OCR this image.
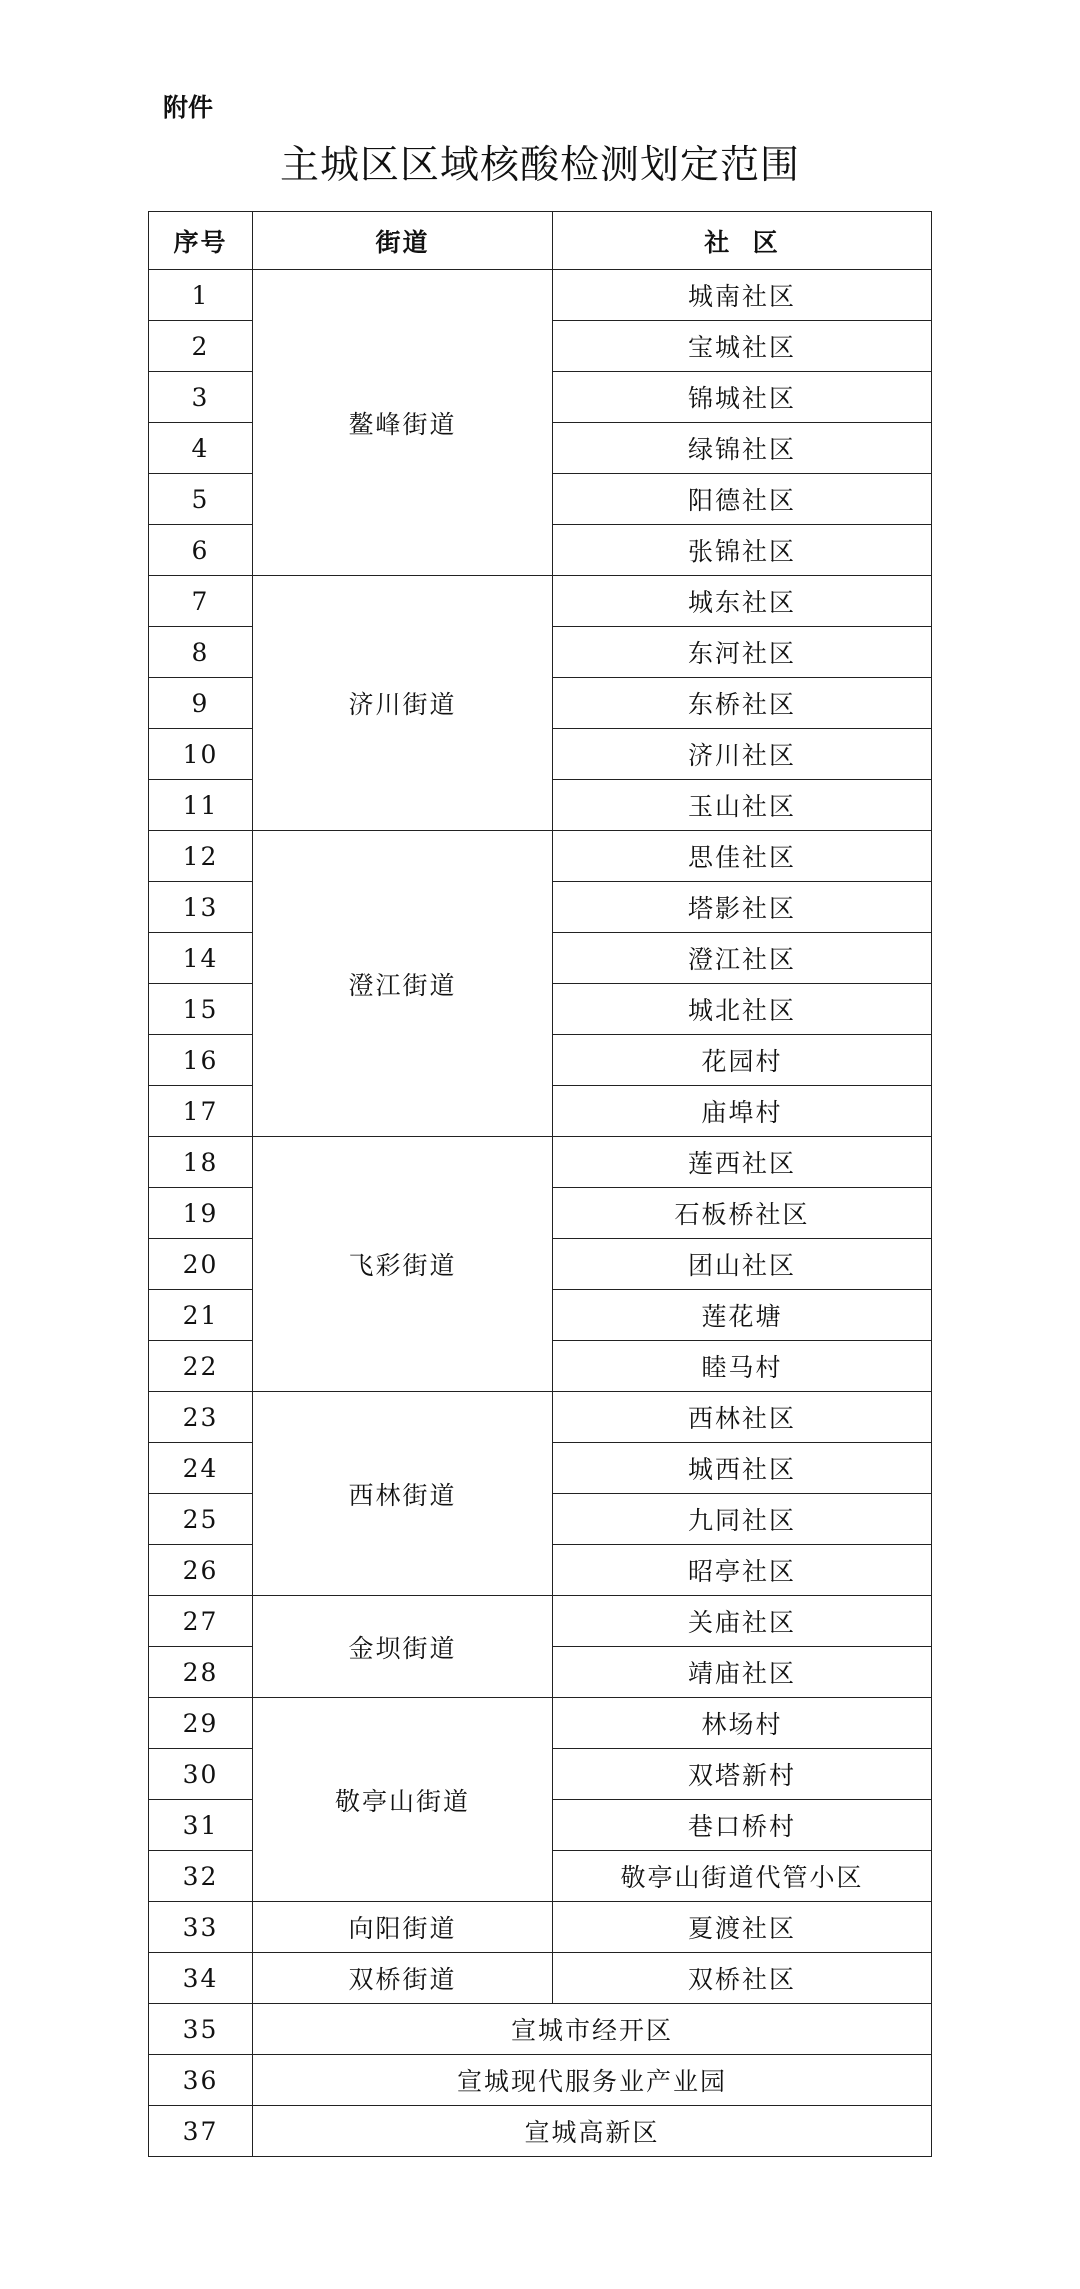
附件
主城区区域核酸检测划定范围
序号	街道	社  区
1	鳌峰街道	城南社区
2		宝城社区
3		锦城社区
4		绿锦社区
5		阳德社区
6		张锦社区
7	济川街道	城东社区
8		东河社区
9		东桥社区
10		济川社区
11		玉山社区
12	澄江街道	思佳社区
13		塔影社区
14		澄江社区
15		城北社区
16		花园村
17		庙埠村
18	飞彩街道	莲西社区
19		石板桥社区
20		团山社区
21		莲花塘
22		睦马村
23	西林街道	西林社区
24		城西社区
25		九同社区
26		昭亭社区
27	金坝街道	关庙社区
28		靖庙社区
29	敬亭山街道	林场村
30		双塔新村
31		巷口桥村
32		敬亭山街道代管小区
33	向阳街道	夏渡社区
34	双桥街道	双桥社区
35	宣城市经开区	
36	宣城现代服务业产业园	
37	宣城高新区	
